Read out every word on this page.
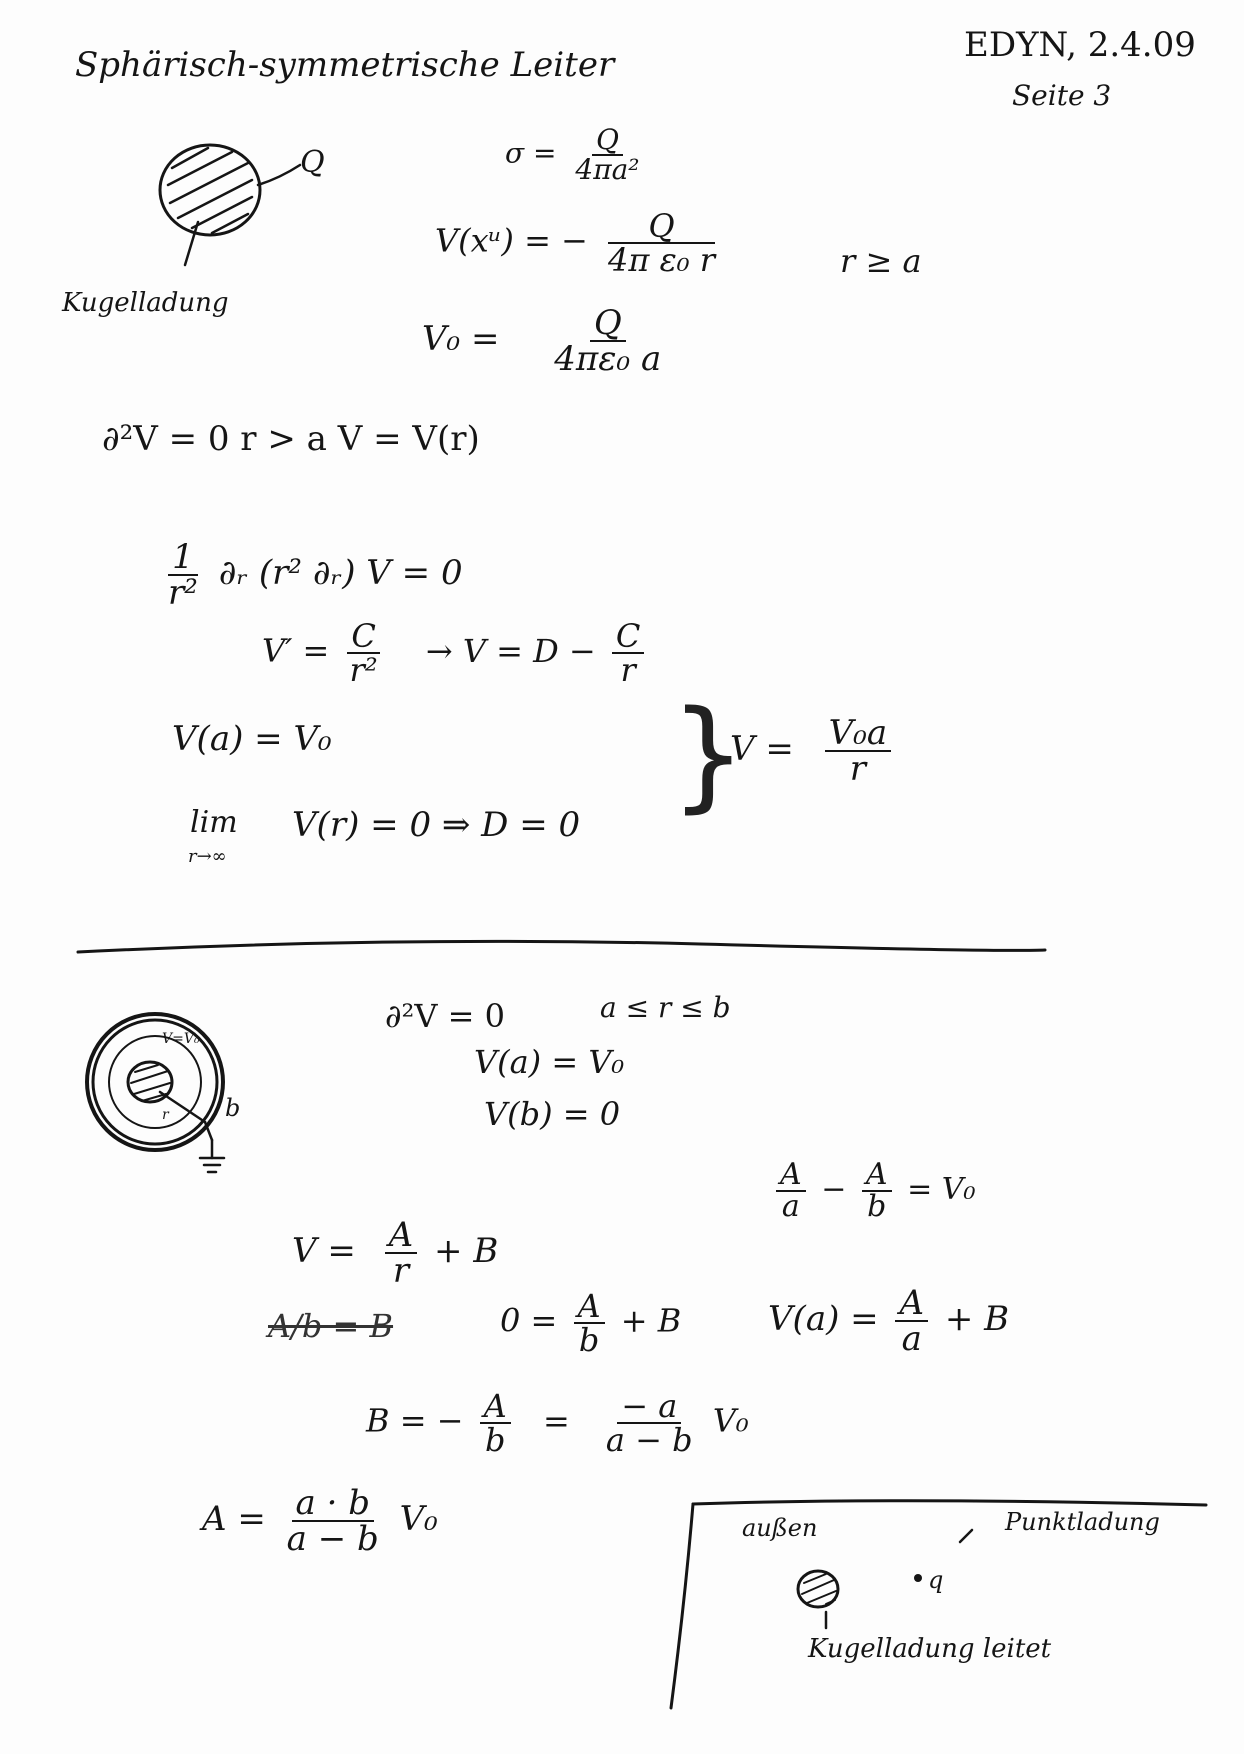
Sphärisch-symmetrische Leiter	EDYN, 2.4.09
Seite 3
Q
Kugelladung
$\sigma = \frac{Q}{\text{4πa²}}$
V(xᵘ) = − $\frac{Q}{\text{4π ε₀ r}}$	r ≥ a
$V_0 = \frac{Q}{\text{4πε₀ a}}$
∂²V = 0 r > a V = V(r)
$\frac{1}{\text{r²}}$ ∂ᵣ (r² ∂ᵣ) V = 0
$V' = \frac{C}{\text{r²}} \to V = D - \frac{C}{r}$
V(a) = V₀
lim
r→∞
V(r) = 0 ⇒ D = 0 }
$V = \frac{\text{V₀a}}{r}$
V=V₀
r b
∂²V = 0	a ≤ r ≤ b
V(a) = V₀
V(b) = 0
$V = \frac{A}{r} + B$
A/b = B	$0 = \frac{A}{b} + B$
$\frac{A}{a} - \frac{A}{b} = V_0$
$V(a) = \frac{A}{a} + B$
B = − $\frac{A}{b} = \frac{- a}{a - b} V_0$
$A = \frac{a \cdot b}{a - b} V_0$	außen	Punktladung
q
Kugelladung leitet
